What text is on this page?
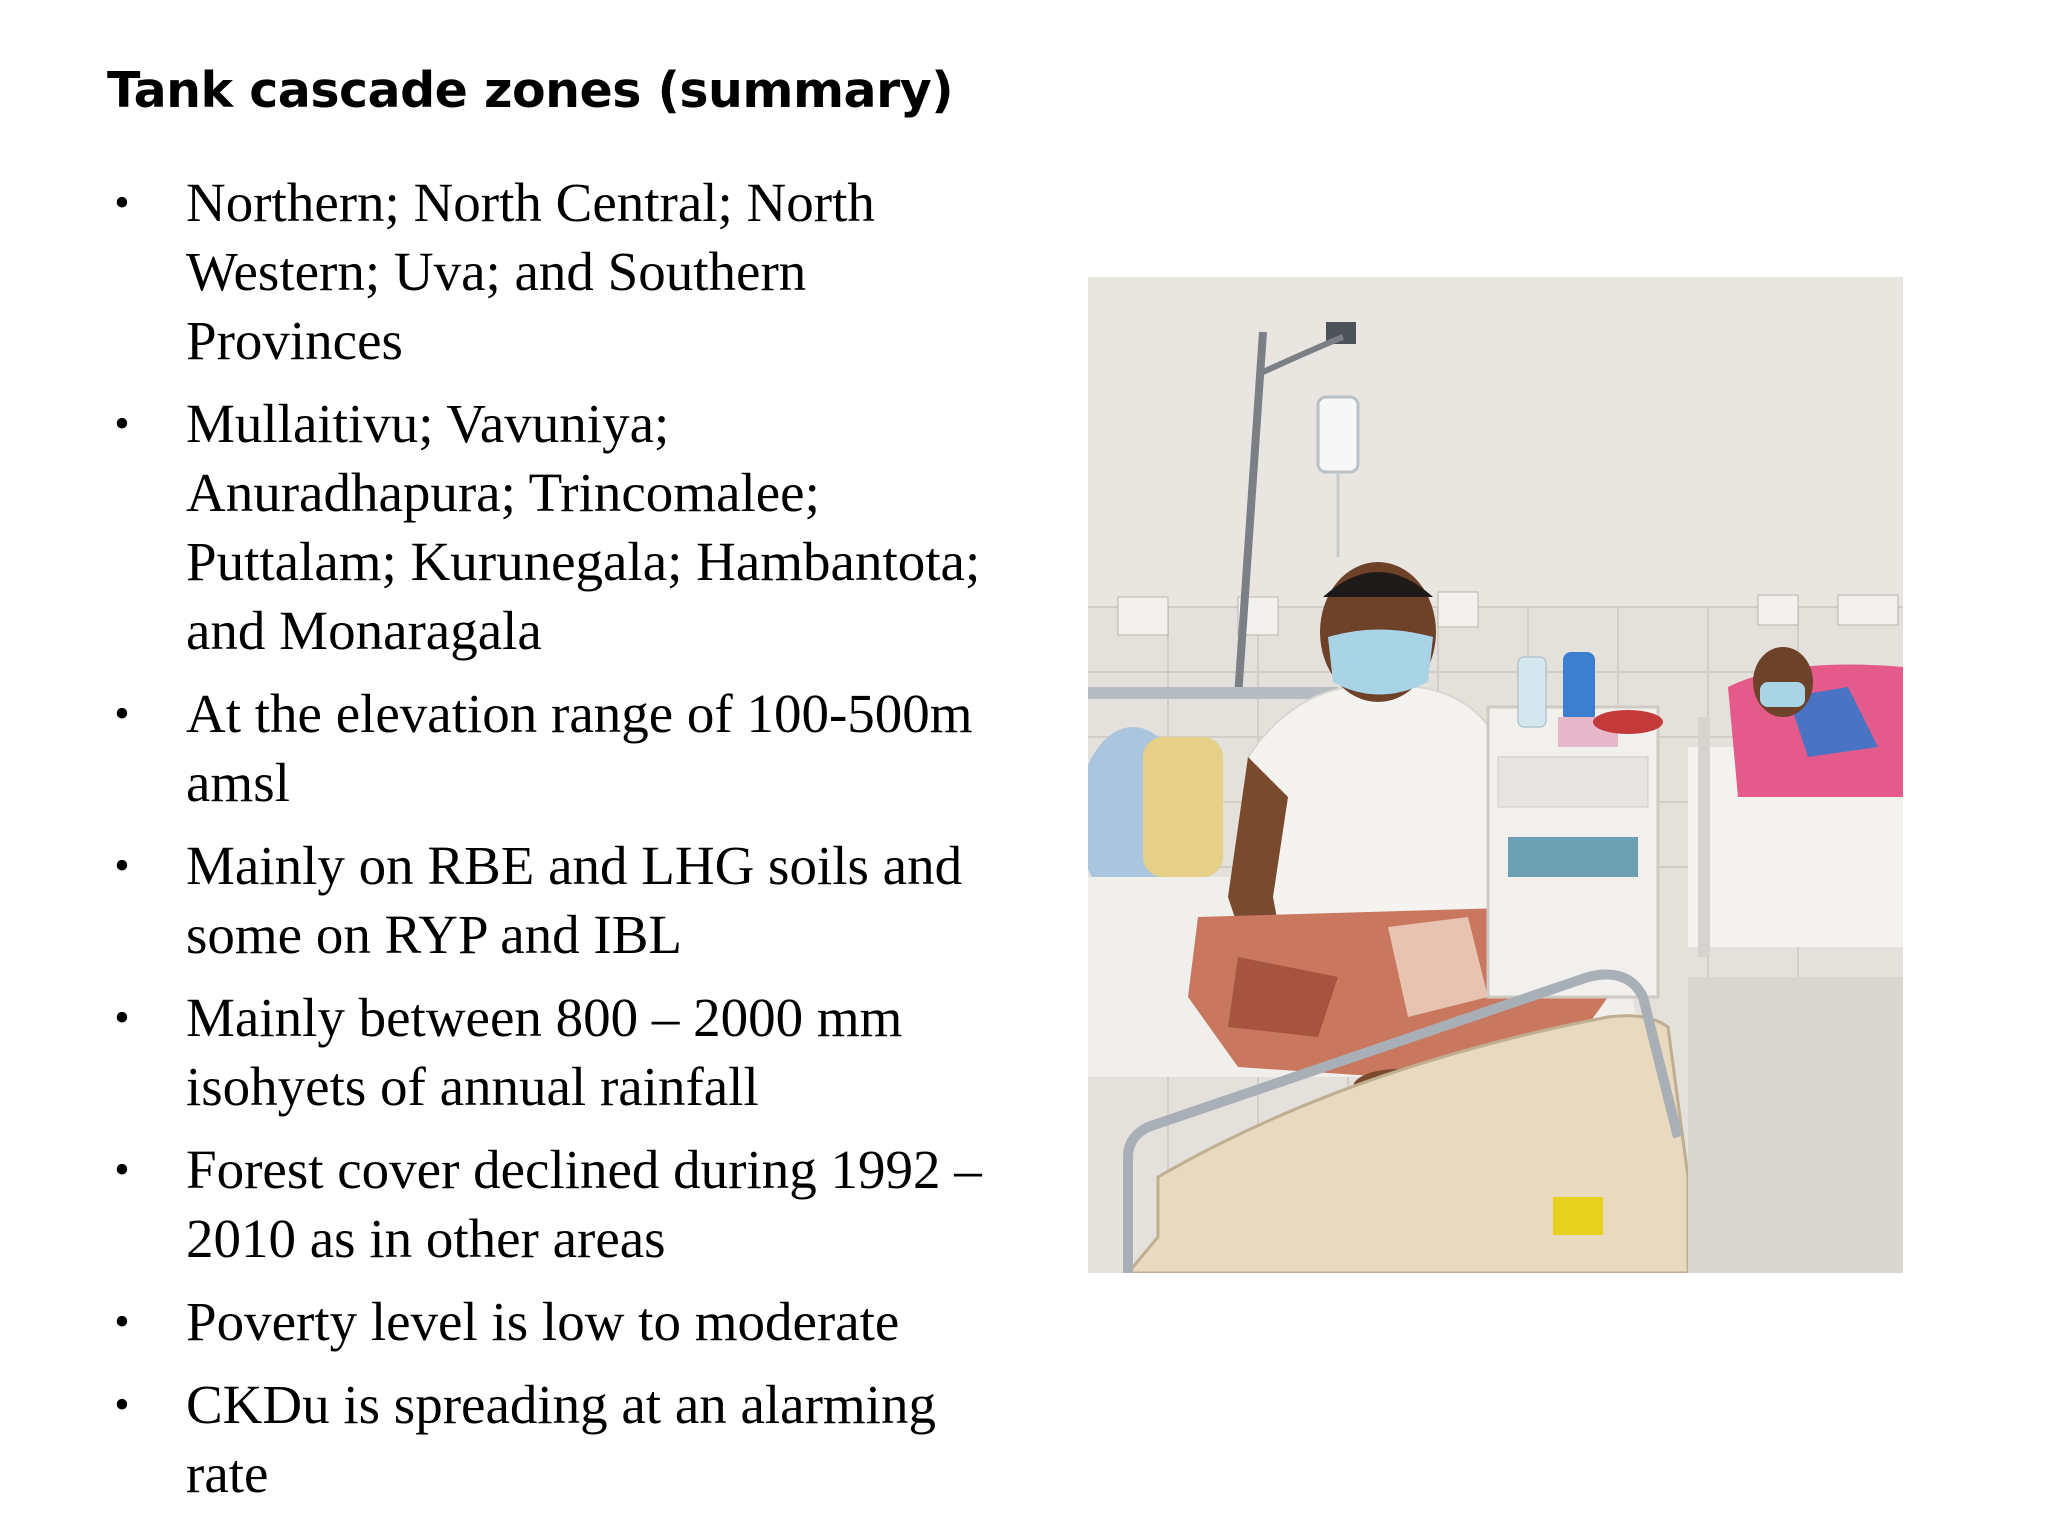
Tank cascade zones (summary)
• Northern; North Central; North Western; Uva; and Southern Provinces
• Mullaitivu; Vavuniya; Anuradhapura; Trincomalee; Puttalam; Kurunegala; Hambantota; and Monaragala
• At the elevation range of 100-500m amsl
• Mainly on RBE and LHG soils and some on RYP and IBL
• Mainly between 800 – 2000 mm isohyets of annual rainfall
• Forest cover declined during 1992 – 2010 as in other areas
• Poverty level is low to moderate
• CKDu is spreading at an alarming rate
